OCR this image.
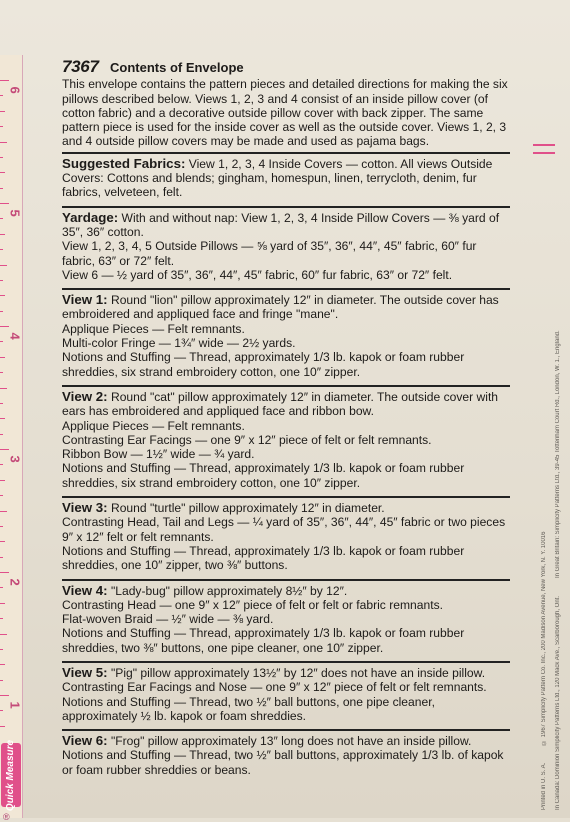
6
5
4
3
2
1
Quick Measure
®
7367 Contents of Envelope
This envelope contains the pattern pieces and detailed directions for making the six pillows described below. Views 1, 2, 3 and 4 consist of an inside pillow cover (of cotton fabric) and a decorative outside pillow cover with back zipper. The same pattern piece is used for the inside cover as well as the outside cover. Views 1, 2, 3 and 4 outside pillow covers may be made and used as pajama bags.
Suggested Fabrics: View 1, 2, 3, 4 Inside Covers — cotton. All views Outside Covers: Cottons and blends; gingham, homespun, linen, terrycloth, denim, fur fabrics, velveteen, felt.
Yardage: With and without nap: View 1, 2, 3, 4 Inside Pillow Covers — ⅜ yard of 35″, 36″ cotton.
View 1, 2, 3, 4, 5 Outside Pillows — ⅝ yard of 35″, 36″, 44″, 45″ fabric, 60″ fur fabric, 63″ or 72″ felt.
View 6 — ½ yard of 35″, 36″, 44″, 45″ fabric, 60″ fur fabric, 63″ or 72″ felt.
View 1: Round "lion" pillow approximately 12″ in diameter. The outside cover has embroidered and appliqued face and fringe "mane".
Applique Pieces — Felt remnants.
Multi-color Fringe — 1¾″ wide — 2½ yards.
Notions and Stuffing — Thread, approximately 1/3 lb. kapok or foam rubber shreddies, six strand embroidery cotton, one 10″ zipper.
View 2: Round "cat" pillow approximately 12″ in diameter. The outside cover with ears has embroidered and appliqued face and ribbon bow.
Applique Pieces — Felt remnants.
Contrasting Ear Facings — one 9″ x 12″ piece of felt or felt remnants.
Ribbon Bow — 1½″ wide — ¾ yard.
Notions and Stuffing — Thread, approximately 1/3 lb. kapok or foam rubber shreddies, six strand embroidery cotton, one 10″ zipper.
View 3: Round "turtle" pillow approximately 12″ in diameter.
Contrasting Head, Tail and Legs — ¼ yard of 35″, 36″, 44″, 45″ fabric or two pieces 9″ x 12″ felt or felt remnants.
Notions and Stuffing — Thread, approximately 1/3 lb. kapok or foam rubber shreddies, one 10″ zipper, two ⅜″ buttons.
View 4: "Lady-bug" pillow approximately 8½″ by 12″.
Contrasting Head — one 9″ x 12″ piece of felt or felt or fabric remnants.
Flat-woven Braid — ½″ wide — ⅜ yard.
Notions and Stuffing — Thread, approximately 1/3 lb. kapok or foam rubber shreddies, two ⅜″ buttons, one pipe cleaner, one 10″ zipper.
View 5: "Pig" pillow approximately 13½″ by 12″ does not have an inside pillow.
Contrasting Ear Facings and Nose — one 9″ x 12″ piece of felt or felt remnants.
Notions and Stuffing — Thread, two ½″ ball buttons, one pipe cleaner, approximately ½ lb. kapok or foam shreddies.
View 6: "Frog" pillow approximately 13″ long does not have an inside pillow.
Notions and Stuffing — Thread, two ½″ ball buttons, approximately 1/3 lb. of kapok or foam rubber shreddies or beans.	Printed in U. S. A.
© 1967 Simplicity Pattern Co. Inc., 200 Madison Avenue, New York, N. Y. 10016	In Canada: Dominion Simplicity Patterns Ltd., 120 Mack Ave., Scarborough, Ont.
In Great Britain: Simplicity Patterns Ltd., 39-45 Tottenham Court Rd., London, W. 1., England.
